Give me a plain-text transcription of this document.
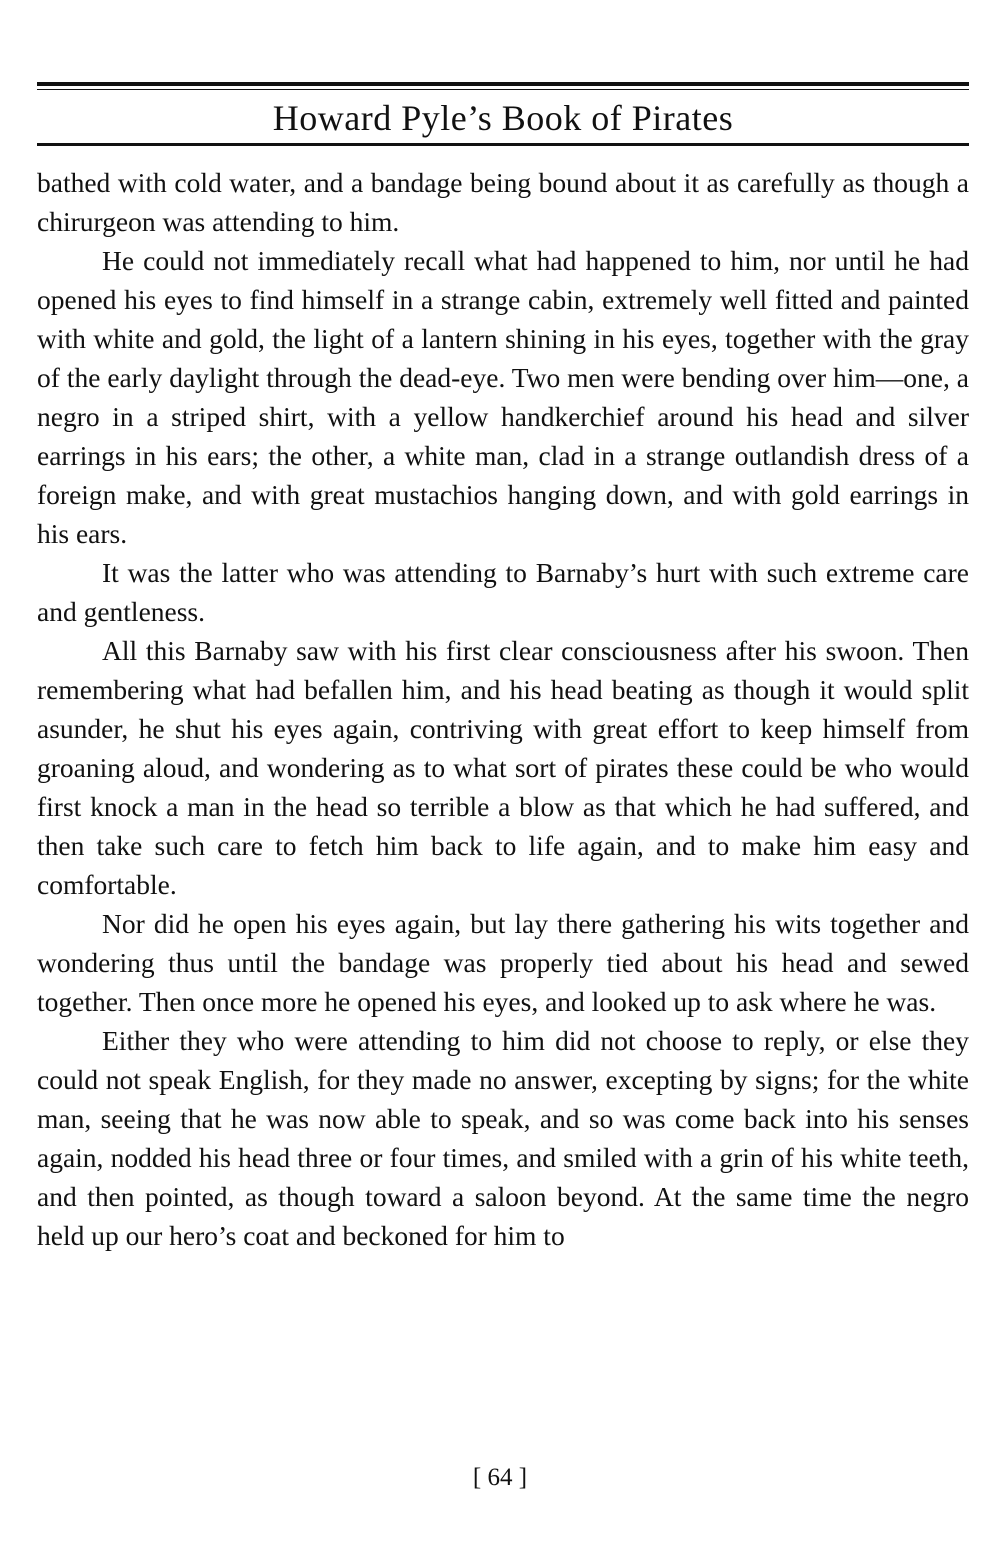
Howard Pyle’s Book of Pirates

bathed with cold water, and a bandage being bound about it as carefully as though a chirurgeon was attending to him.

He could not immediately recall what had happened to him, nor until he had opened his eyes to find himself in a strange cabin, extremely well fitted and painted with white and gold, the light of a lantern shining in his eyes, together with the gray of the early daylight through the dead-eye. Two men were bending over him—one, a negro in a striped shirt, with a yellow handkerchief around his head and silver earrings in his ears; the other, a white man, clad in a strange outlandish dress of a foreign make, and with great mustachios hanging down, and with gold earrings in his ears.

It was the latter who was attending to Barnaby’s hurt with such extreme care and gentleness.

All this Barnaby saw with his first clear consciousness after his swoon. Then remembering what had befallen him, and his head beating as though it would split asunder, he shut his eyes again, contriving with great effort to keep himself from groaning aloud, and wondering as to what sort of pirates these could be who would first knock a man in the head so terrible a blow as that which he had suffered, and then take such care to fetch him back to life again, and to make him easy and comfortable.

Nor did he open his eyes again, but lay there gathering his wits together and wondering thus until the bandage was properly tied about his head and sewed together. Then once more he opened his eyes, and looked up to ask where he was.

Either they who were attending to him did not choose to reply, or else they could not speak English, for they made no answer, excepting by signs; for the white man, seeing that he was now able to speak, and so was come back into his senses again, nodded his head three or four times, and smiled with a grin of his white teeth, and then pointed, as though toward a saloon beyond. At the same time the negro held up our hero’s coat and beckoned for him to

[ 64 ]
